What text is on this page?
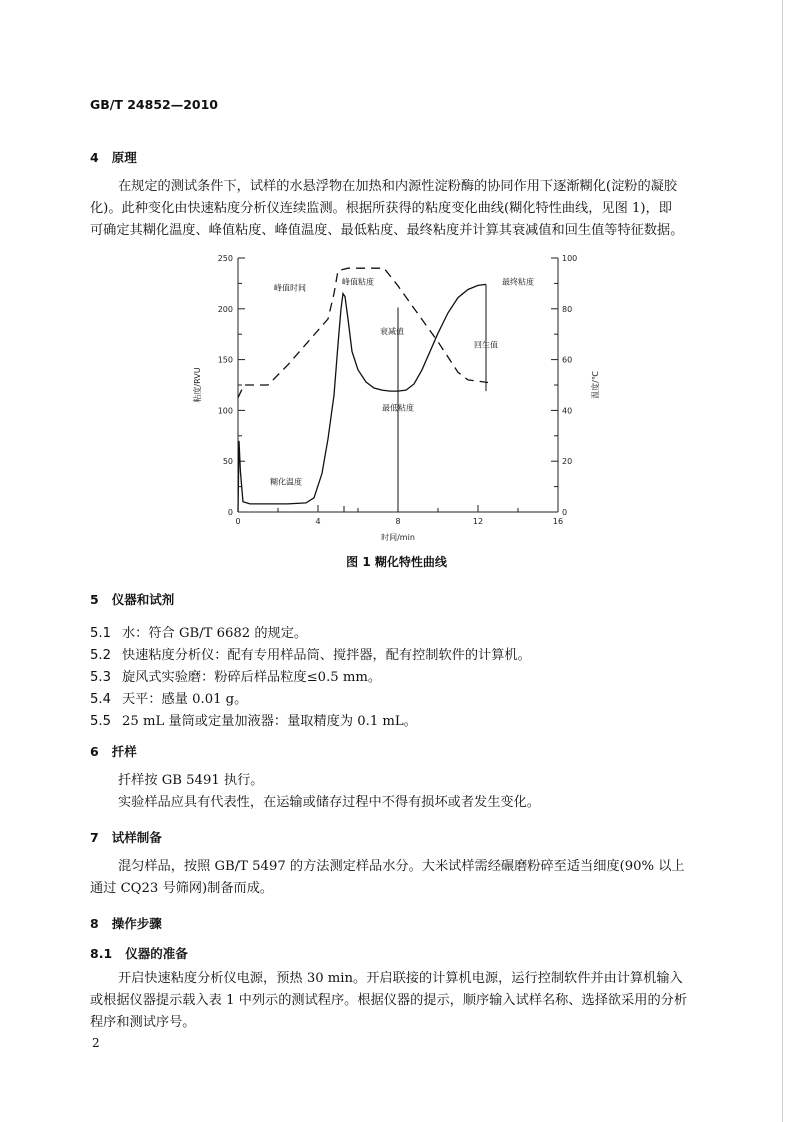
GB/T 24852—2010
4 原理
在规定的测试条件下，试样的水悬浮物在加热和内源性淀粉酶的协同作用下逐渐糊化(淀粉的凝胶
化)。此种变化由快速粘度分析仪连续监测。根据所获得的粘度变化曲线(糊化特性曲线，见图 1)，即
可确定其糊化温度、峰值粘度、峰值温度、最低粘度、最终粘度并计算其衰减值和回生值等特征数据。
0
50
100
150
200
250
0
20
40
60
80
100
0	4	8	12	16
时间/min
粘度/RVU	温度/℃
峰值时间
峰值粘度
衰减值
回生值
最终粘度
最低粘度
糊化温度
图 1 糊化特性曲线
5 仪器和试剂
5.1 水：符合 GB/T 6682 的规定。
5.2 快速粘度分析仪：配有专用样品筒、搅拌器，配有控制软件的计算机。
5.3 旋风式实验磨：粉碎后样品粒度≤0.5 mm。
5.4 天平：感量 0.01 g。
5.5 25 mL 量筒或定量加液器：量取精度为 0.1 mL。
6 扦样
扦样按 GB 5491 执行。
实验样品应具有代表性，在运输或储存过程中不得有损坏或者发生变化。
7 试样制备
混匀样品，按照 GB/T 5497 的方法测定样品水分。大米试样需经碾磨粉碎至适当细度(90% 以上
通过 CQ23 号筛网)制备而成。
8 操作步骤
8.1 仪器的准备
开启快速粘度分析仪电源，预热 30 min。开启联接的计算机电源，运行控制软件并由计算机输入
或根据仪器提示载入表 1 中列示的测试程序。根据仪器的提示，顺序输入试样名称、选择欲采用的分析
程序和测试序号。
2
